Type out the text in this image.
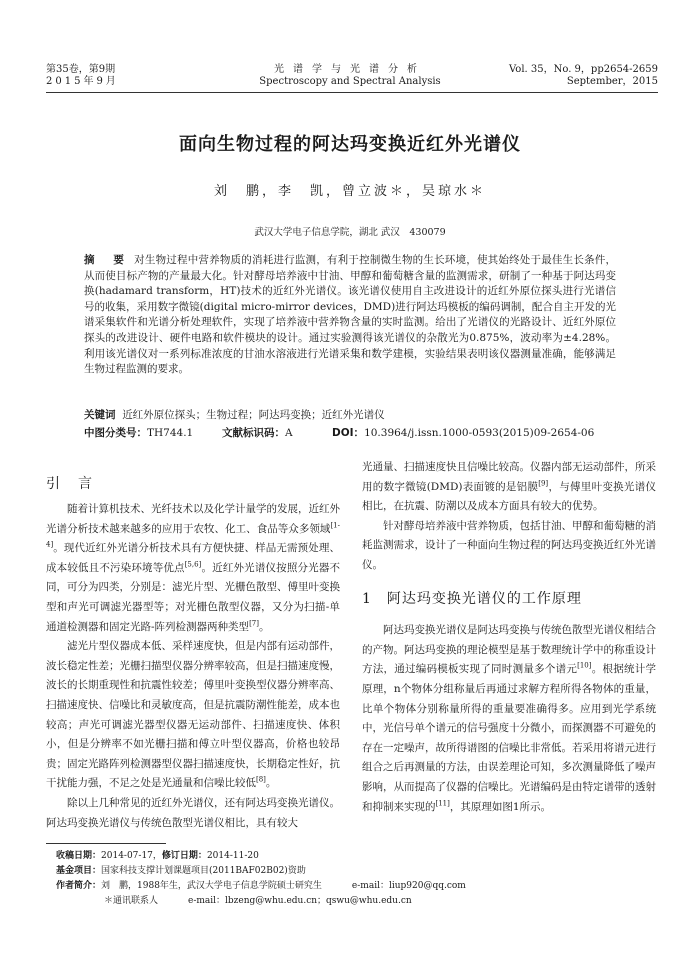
第35卷，第9期
2015年9月
光谱学与光谱分析
Spectroscopy and Spectral Analysis
Vol. 35，No. 9，pp2654-2659
September，2015
面向生物过程的阿达玛变换近红外光谱仪
刘　鹏，李　凯，曾立波＊，吴琼水＊
武汉大学电子信息学院，湖北 武汉　430079
摘　要 对生物过程中营养物质的消耗进行监测，有利于控制微生物的生长环境，使其始终处于最佳生长条件，从而使目标产物的产量最大化。针对酵母培养液中甘油、甲醇和葡萄糖含量的监测需求，研制了一种基于阿达玛变换(hadamard transform，HT)技术的近红外光谱仪。该光谱仪使用自主改进设计的近红外原位探头进行光谱信号的收集，采用数字微镜(digital micro-mirror devices，DMD)进行阿达玛模板的编码调制，配合自主开发的光谱采集软件和光谱分析处理软件，实现了培养液中营养物含量的实时监测。给出了光谱仪的光路设计、近红外原位探头的改进设计、硬件电路和软件模块的设计。通过实验测得该光谱仪的杂散光为0.875%，波动率为±4.28%。利用该光谱仪对一系列标准浓度的甘油水溶液进行光谱采集和数学建模，实验结果表明该仪器测量准确，能够满足生物过程监测的要求。
关键词 近红外原位探头；生物过程；阿达玛变换；近红外光谱仪
中图分类号：TH744.1	文献标识码：A	DOI：10.3964/j.issn.1000-0593(2015)09-2654-06
引言

随着计算机技术、光纤技术以及化学计量学的发展，近红外光谱分析技术越来越多的应用于农牧、化工、食品等众多领域[1-4]。现代近红外光谱分析技术具有方便快捷、样品无需预处理、成本较低且不污染环境等优点[5,6]。近红外光谱仪按照分光器不同，可分为四类，分别是：滤光片型、光栅色散型、傅里叶变换型和声光可调滤光器型等；对光栅色散型仪器，又分为扫描-单通道检测器和固定光路-阵列检测器两种类型[7]。

滤光片型仪器成本低、采样速度快，但是内部有运动部件，波长稳定性差；光栅扫描型仪器分辨率较高，但是扫描速度慢，波长的长期重现性和抗震性较差；傅里叶变换型仪器分辨率高、扫描速度快、信噪比和灵敏度高，但是抗震防潮性能差，成本也较高；声光可调滤光器型仪器无运动部件、扫描速度快、体积小，但是分辨率不如光栅扫描和傅立叶型仪器高，价格也较昂贵；固定光路阵列检测器型仪器扫描速度快，长期稳定性好，抗干扰能力强，不足之处是光通量和信噪比较低[8]。

除以上几种常见的近红外光谱仪，还有阿达玛变换光谱仪。阿达玛变换光谱仪与传统色散型光谱仪相比，具有较大

光通量、扫描速度快且信噪比较高。仪器内部无运动部件，所采用的数字微镜(DMD)表面镀的是铝膜[9]，与傅里叶变换光谱仪相比，在抗震、防潮以及成本方面具有较大的优势。

针对酵母培养液中营养物质，包括甘油、甲醇和葡萄糖的消耗监测需求，设计了一种面向生物过程的阿达玛变换近红外光谱仪。

1　阿达玛变换光谱仪的工作原理

阿达玛变换光谱仪是阿达玛变换与传统色散型光谱仪相结合的产物。阿达玛变换的理论模型是基于数理统计学中的称重设计方法，通过编码模板实现了同时测量多个谱元[10]。根据统计学原理，n个物体分组称量后再通过求解方程所得各物体的重量，比单个物体分别称量所得的重量要准确得多。应用到光学系统中，光信号单个谱元的信号强度十分微小，而探测器不可避免的存在一定噪声，故所得谱图的信噪比非常低。若采用将谱元进行组合之后再测量的方法，由误差理论可知，多次测量降低了噪声影响，从而提高了仪器的信噪比。光谱编码是由特定谱带的透射和抑制来实现的[11]，其原理如图1所示。

收稿日期：2014-07-17，修订日期：2014-11-20
基金项目：国家科技支撑计划课题项目(2011BAF02B02)资助
作者简介：刘　鹏，1988年生，武汉大学电子信息学院硕士研究生	e-mail：liup920@qq.com
＊通讯联系人	e-mail：lbzeng@whu.edu.cn；qswu@whu.edu.cn
